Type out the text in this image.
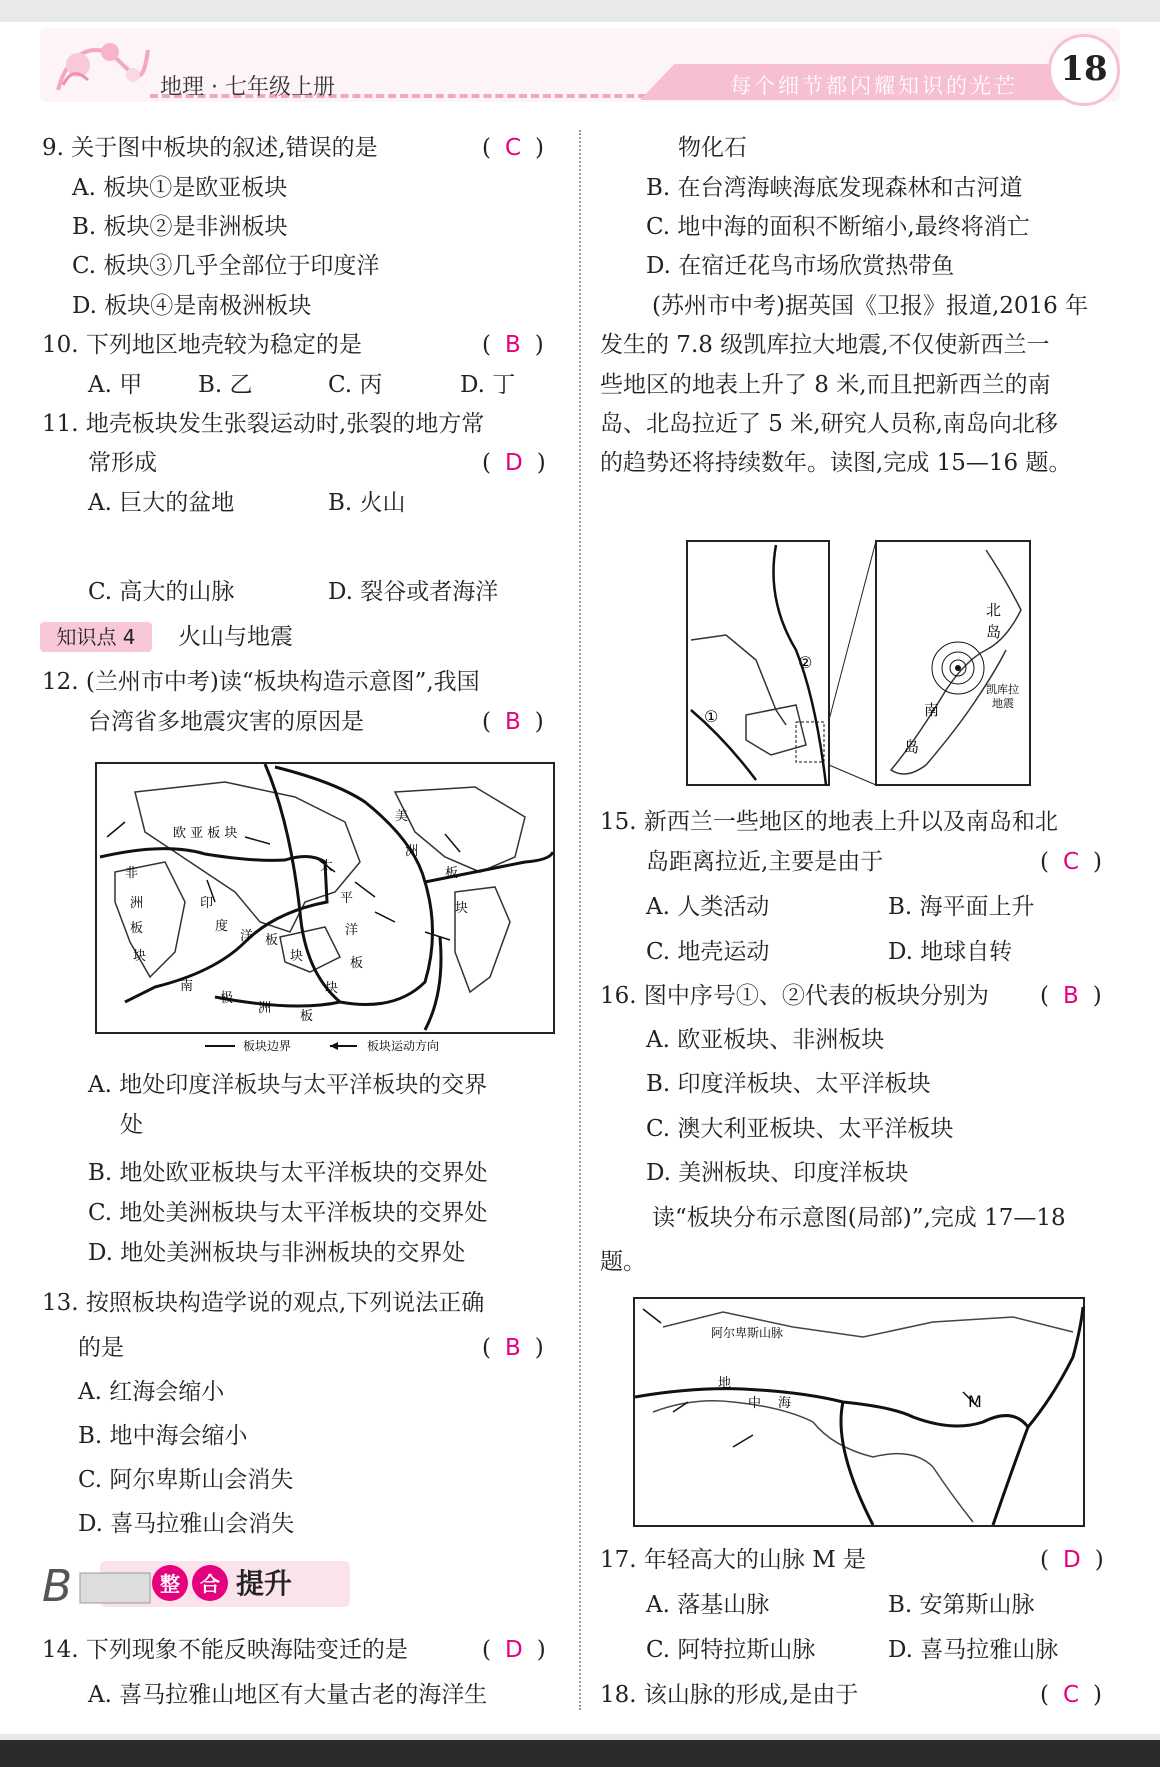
地理 · 七年级上册	每个细节都闪耀知识的光芒	18
9. 关于图中板块的叙述,错误的是	( C )
A. 板块①是欧亚板块
B. 板块②是非洲板块
C. 板块③几乎全部位于印度洋
D. 板块④是南极洲板块
10. 下列地区地壳较为稳定的是	( B )
A. 甲 B. 乙	C. 丙	D. 丁
11. 地壳板块发生张裂运动时,张裂的地方常
常形成	( D )
A. 巨大的盆地	B. 火山
C. 高大的山脉	D. 裂谷或者海洋
知识点 4	火山与地震
12. (兰州市中考)读“板块构造示意图”,我国
台湾省多地震灾害的原因是	( B )
欧 亚 板 块
美
洲
板
块
非
洲
板
块
印
度
洋 板
块
太
平
洋
板
块
南
极
洲
板
板块边界	板块运动方向
A. 地处印度洋板块与太平洋板块的交界
处
B. 地处欧亚板块与太平洋板块的交界处
C. 地处美洲板块与太平洋板块的交界处
D. 地处美洲板块与非洲板块的交界处
13. 按照板块构造学说的观点,下列说法正确
的是	( B )
A. 红海会缩小
B. 地中海会缩小
C. 阿尔卑斯山会消失
D. 喜马拉雅山会消失
B	整 合 提升
14. 下列现象不能反映海陆变迁的是	( D )
A. 喜马拉雅山地区有大量古老的海洋生
物化石
B. 在台湾海峡海底发现森林和古河道
C. 地中海的面积不断缩小,最终将消亡
D. 在宿迁花鸟市场欣赏热带鱼
(苏州市中考)据英国《卫报》报道,2016 年
发生的 7.8 级凯库拉大地震,不仅使新西兰一
些地区的地表上升了 8 米,而且把新西兰的南
岛、北岛拉近了 5 米,研究人员称,南岛向北移
的趋势还将持续数年。读图,完成 15—16 题。
②
①
北
岛
南
岛
凯库拉
地震
15. 新西兰一些地区的地表上升以及南岛和北
岛距离拉近,主要是由于	( C )
A. 人类活动	B. 海平面上升
C. 地壳运动	D. 地球自转
16. 图中序号①、②代表的板块分别为 ( B )
A. 欧亚板块、非洲板块
B. 印度洋板块、太平洋板块
C. 澳大利亚板块、太平洋板块
D. 美洲板块、印度洋板块
读“板块分布示意图(局部)”,完成 17—18
题。
阿尔卑斯山脉
地
中 海	M
17. 年轻高大的山脉 M 是	( D )
A. 落基山脉	B. 安第斯山脉
C. 阿特拉斯山脉	D. 喜马拉雅山脉
18. 该山脉的形成,是由于	( C )
